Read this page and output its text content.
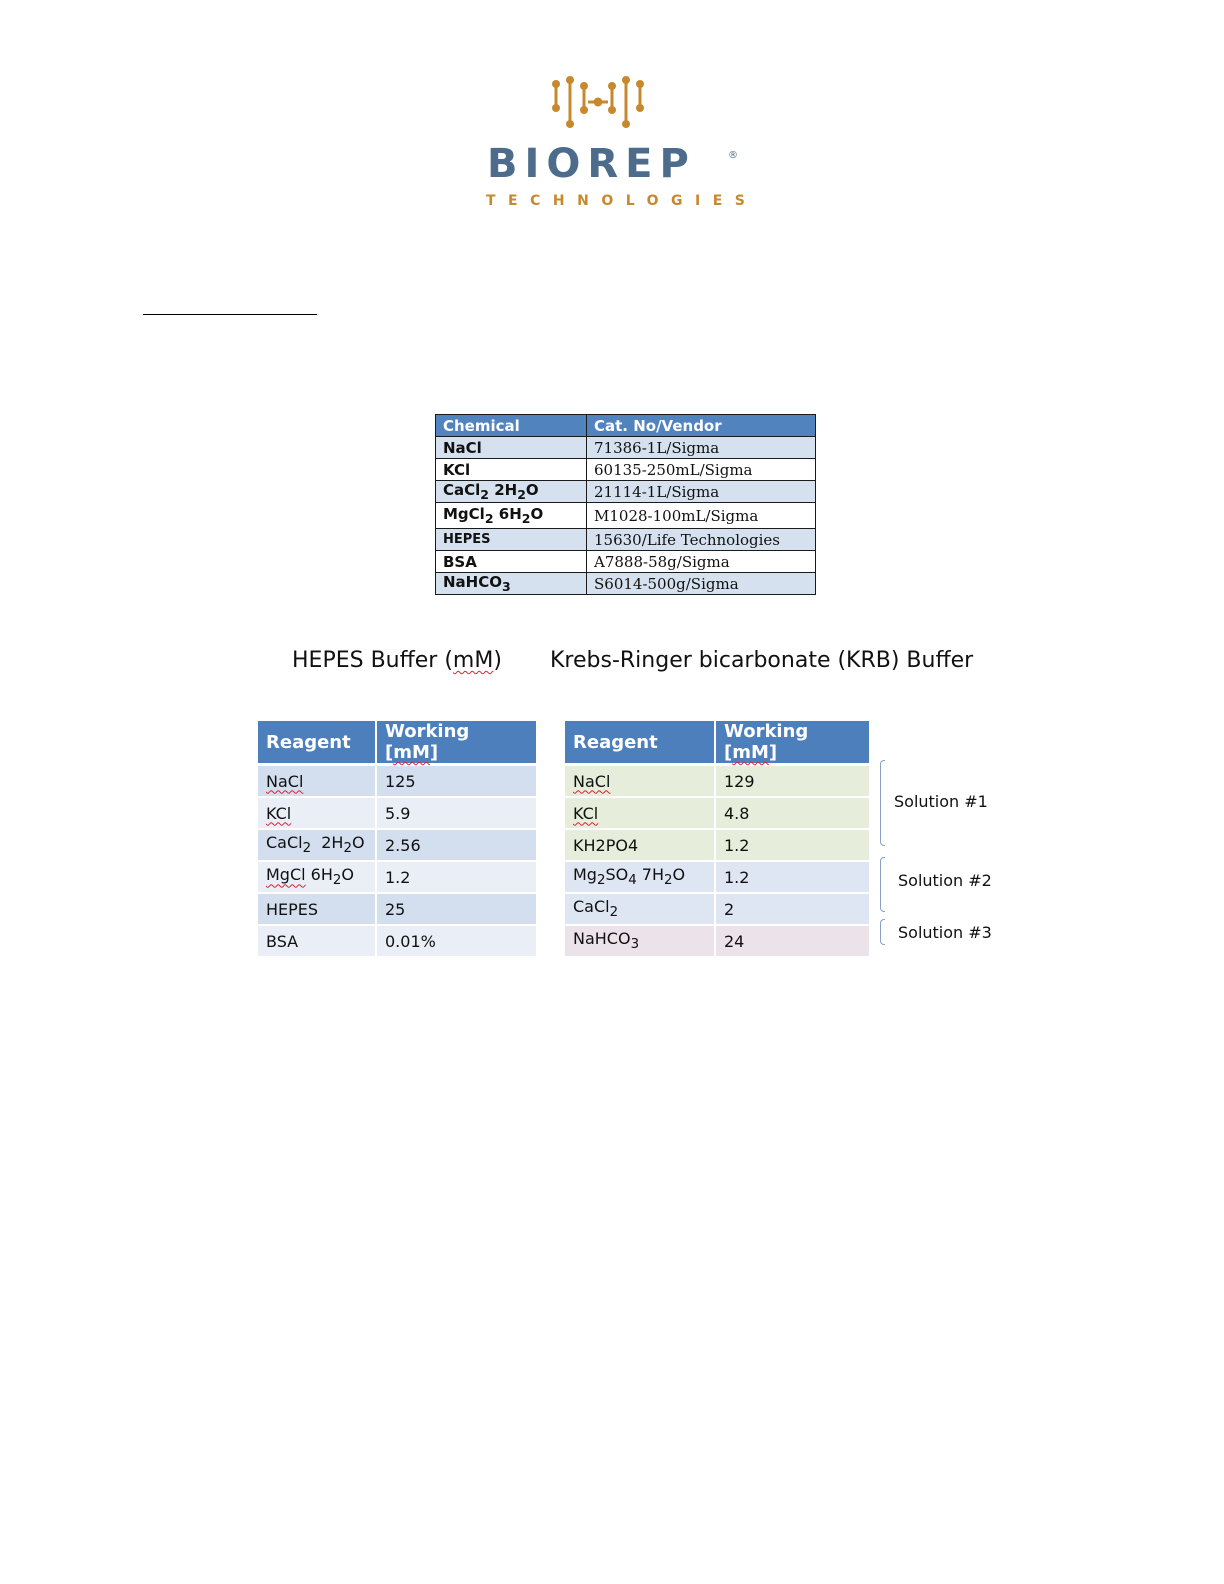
BIOREP	®
TECHNOLOGIES
Chemical	Cat. No/Vendor
NaCl	71386-1L/Sigma
KCl	60135-250mL/Sigma
CaCl$_2$ $2H_2O$	21114-1L/Sigma
MgCl$_2$ $6H_2O$	M1028-100mL/Sigma
HEPES	15630/Life Technologies
BSA	A7888-58g/Sigma
NaHCO$_3$	S6014-500g/Sigma
HEPES Buffer (mM) Krebs-Ringer bicarbonate (KRB) Buffer
Reagent	Working [mM]
NaCl	125
KCl	5.9
CaCl$_2$  $2H_2O$	2.56
MgCl $6H_2O$	1.2
HEPES	25
BSA	0.01%
Reagent	Working [mM]
NaCl	129
KCl	4.8
KH2PO4	1.2
$Mg_2SO_4$ $7H_2O$	1.2
CaCl$_2$	2
NaHCO$_3$	24
Solution #1
Solution #2
Solution #3
